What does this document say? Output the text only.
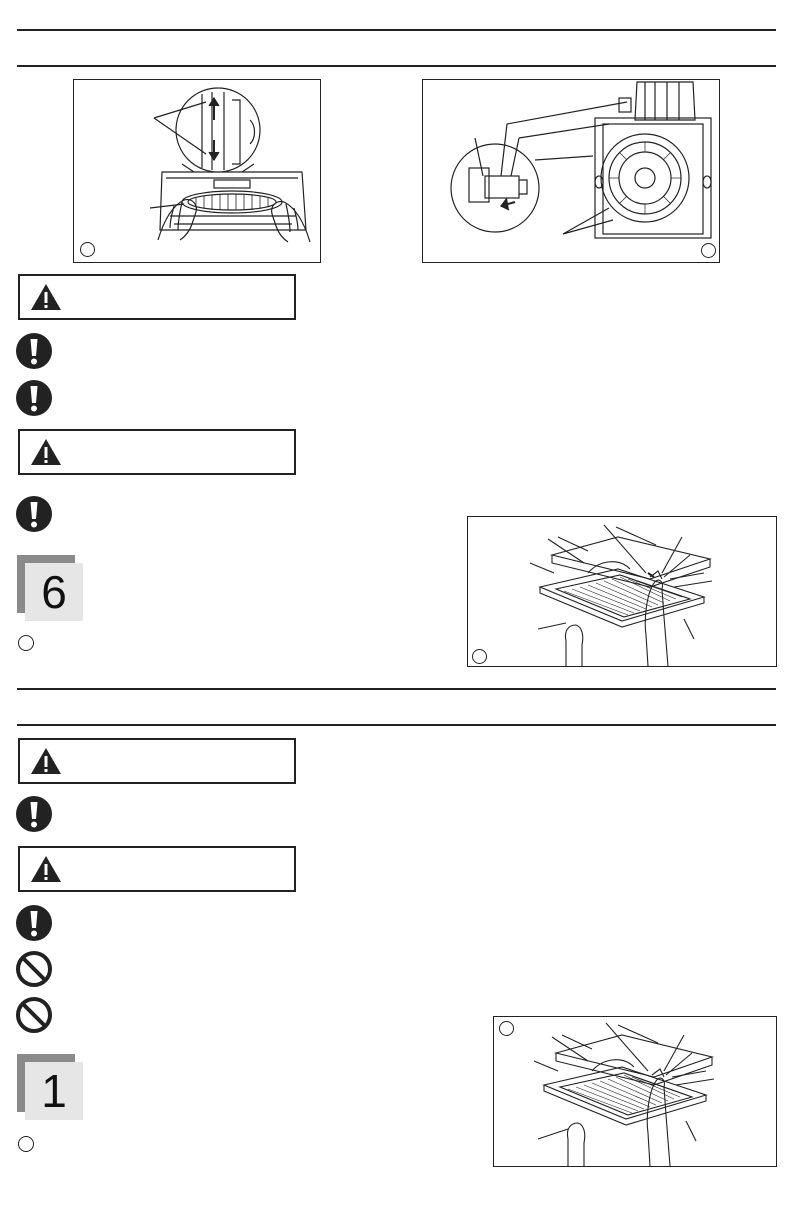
6
1
